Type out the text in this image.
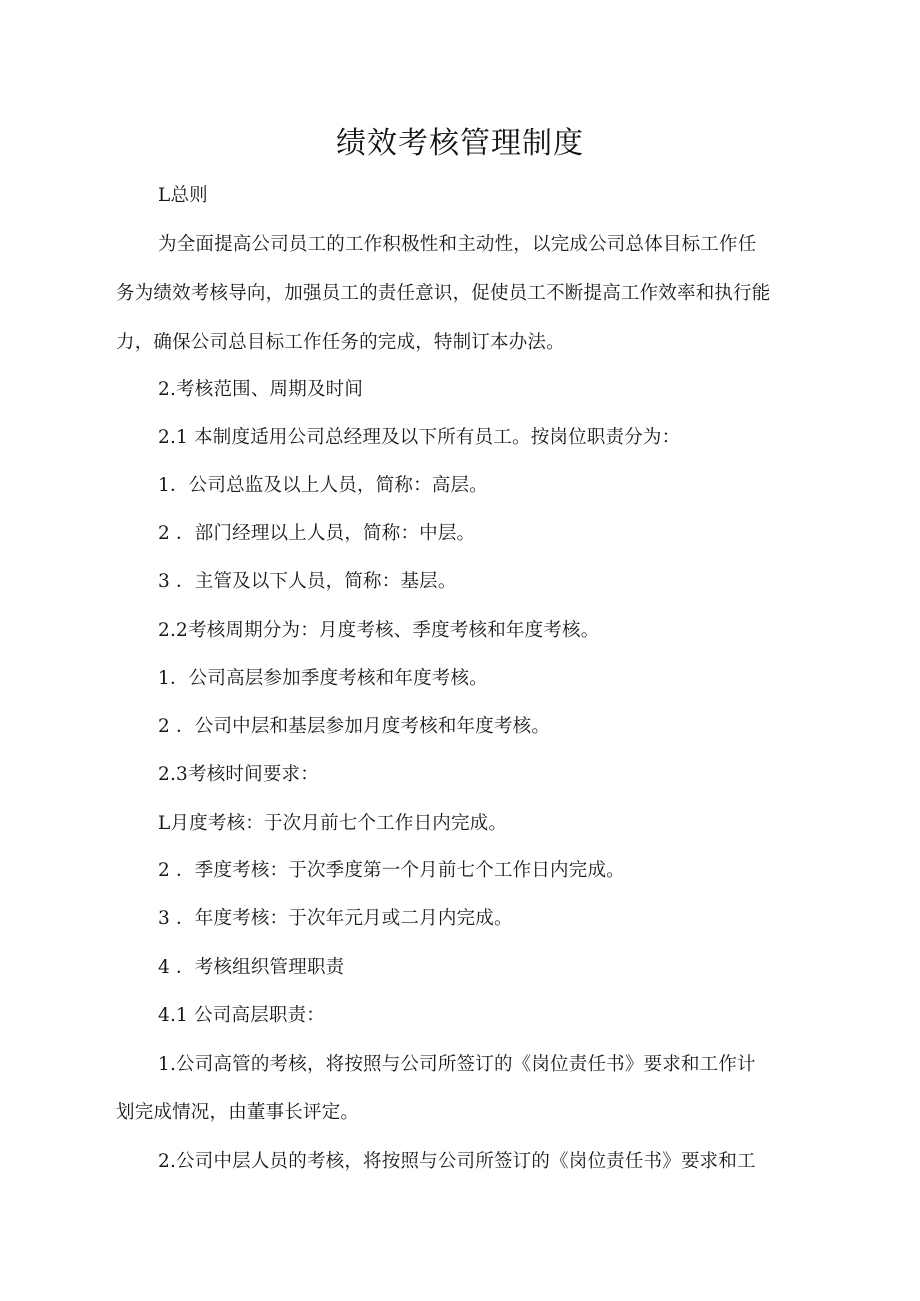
绩效考核管理制度
L总则
为全面提高公司员工的工作积极性和主动性，以完成公司总体目标工作任
务为绩效考核导向，加强员工的责任意识，促使员工不断提高工作效率和执行能
力，确保公司总目标工作任务的完成，特制订本办法。
2.考核范围、周期及时间
2.1 本制度适用公司总经理及以下所有员工。按岗位职责分为：
1．公司总监及以上人员，简称：高层。
2 ．部门经理以上人员，简称：中层。
3 ．主管及以下人员，简称：基层。
2.2考核周期分为：月度考核、季度考核和年度考核。
1．公司高层参加季度考核和年度考核。
2 ．公司中层和基层参加月度考核和年度考核。
2.3考核时间要求：
L月度考核：于次月前七个工作日内完成。
2 ．季度考核：于次季度第一个月前七个工作日内完成。
3 ．年度考核：于次年元月或二月内完成。
4 ．考核组织管理职责
4.1 公司高层职责：
1.公司高管的考核，将按照与公司所签订的《岗位责任书》要求和工作计
划完成情况，由董事长评定。
2.公司中层人员的考核，将按照与公司所签订的《岗位责任书》要求和工
